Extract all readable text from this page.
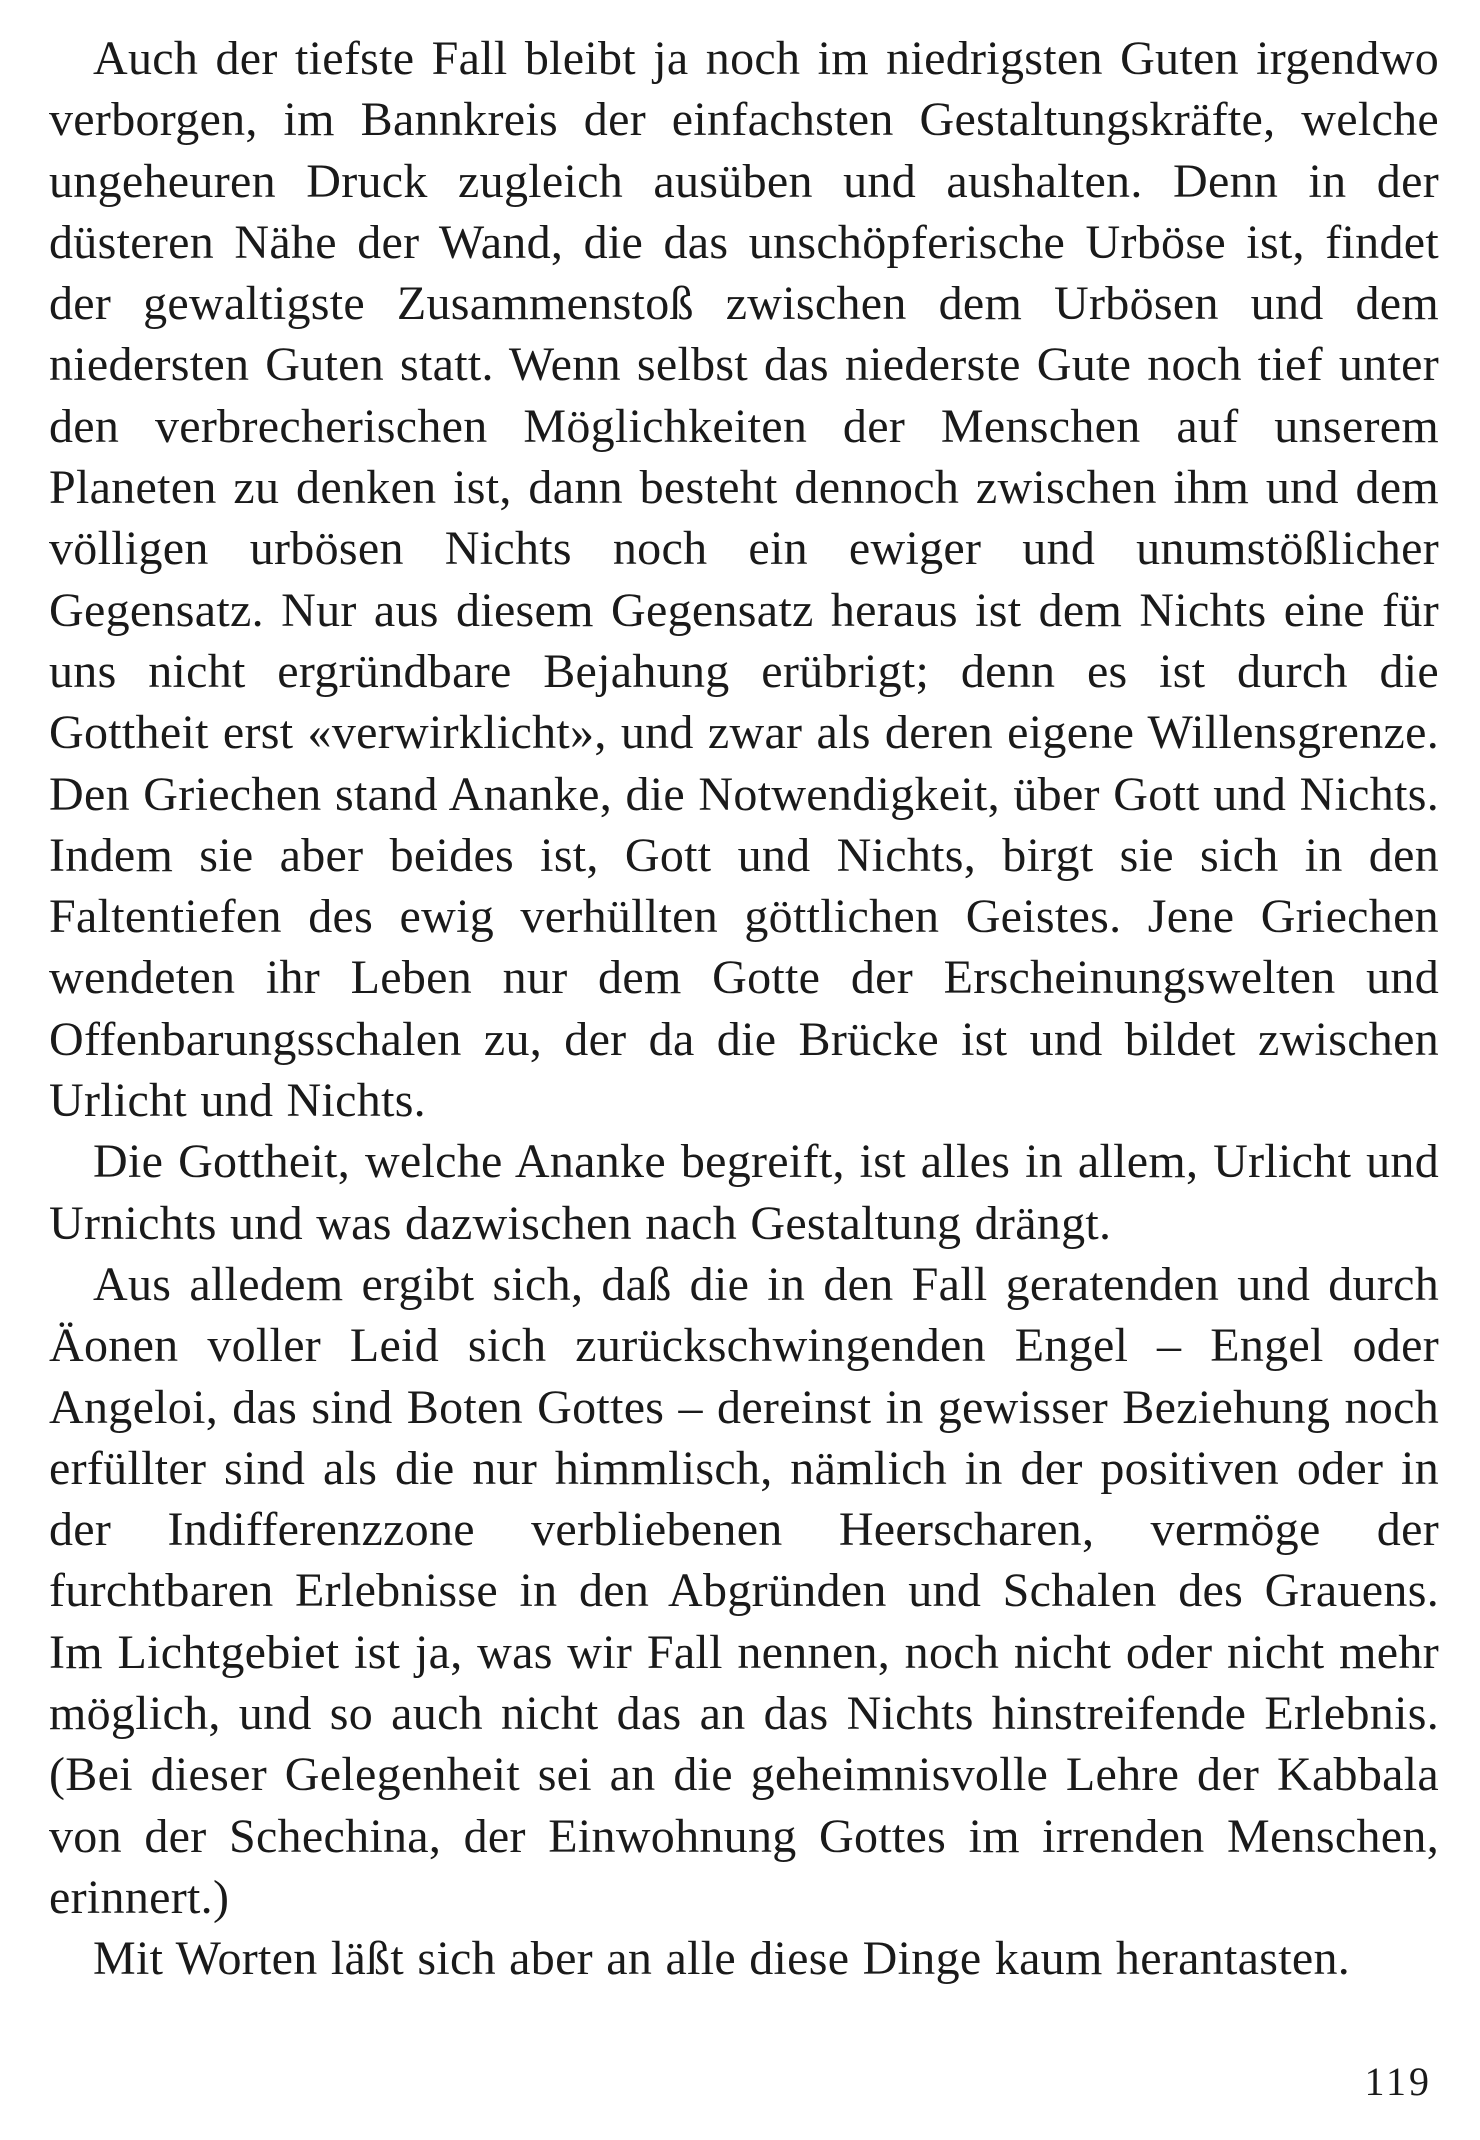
Auch der tiefste Fall bleibt ja noch im niedrigsten Guten irgendwo verborgen, im Bannkreis der einfachsten Gestaltungskräfte, welche ungeheuren Druck zugleich ausüben und aushalten. Denn in der düsteren Nähe der Wand, die das unschöpferische Urböse ist, findet der gewaltigste Zusammenstoß zwischen dem Urbösen und dem niedersten Guten statt. Wenn selbst das niederste Gute noch tief unter den verbrecherischen Möglichkeiten der Menschen auf unserem Planeten zu denken ist, dann besteht dennoch zwischen ihm und dem völligen urbösen Nichts noch ein ewiger und unumstößlicher Gegensatz. Nur aus diesem Gegensatz heraus ist dem Nichts eine für uns nicht ergründbare Bejahung erübrigt; denn es ist durch die Gottheit erst «verwirklicht», und zwar als deren eigene Willensgrenze. Den Griechen stand Ananke, die Notwendigkeit, über Gott und Nichts. Indem sie aber beides ist, Gott und Nichts, birgt sie sich in den Faltentiefen des ewig verhüllten göttlichen Geistes. Jene Griechen wendeten ihr Leben nur dem Gotte der Erscheinungswelten und Offenbarungsschalen zu, der da die Brücke ist und bildet zwischen Urlicht und Nichts.

Die Gottheit, welche Ananke begreift, ist alles in allem, Urlicht und Urnichts und was dazwischen nach Gestaltung drängt.

Aus alledem ergibt sich, daß die in den Fall geratenden und durch Äonen voller Leid sich zurückschwingenden Engel – Engel oder Angeloi, das sind Boten Gottes – dereinst in gewisser Beziehung noch erfüllter sind als die nur himmlisch, nämlich in der positiven oder in der Indifferenzzone verbliebenen Heerscharen, vermöge der furchtbaren Erlebnisse in den Abgründen und Schalen des Grauens. Im Lichtgebiet ist ja, was wir Fall nennen, noch nicht oder nicht mehr möglich, und so auch nicht das an das Nichts hinstreifende Erlebnis. (Bei dieser Gelegenheit sei an die geheimnisvolle Lehre der Kabbala von der Schechina, der Einwohnung Gottes im irrenden Menschen, erinnert.)

Mit Worten läßt sich aber an alle diese Dinge kaum herantasten.

119
